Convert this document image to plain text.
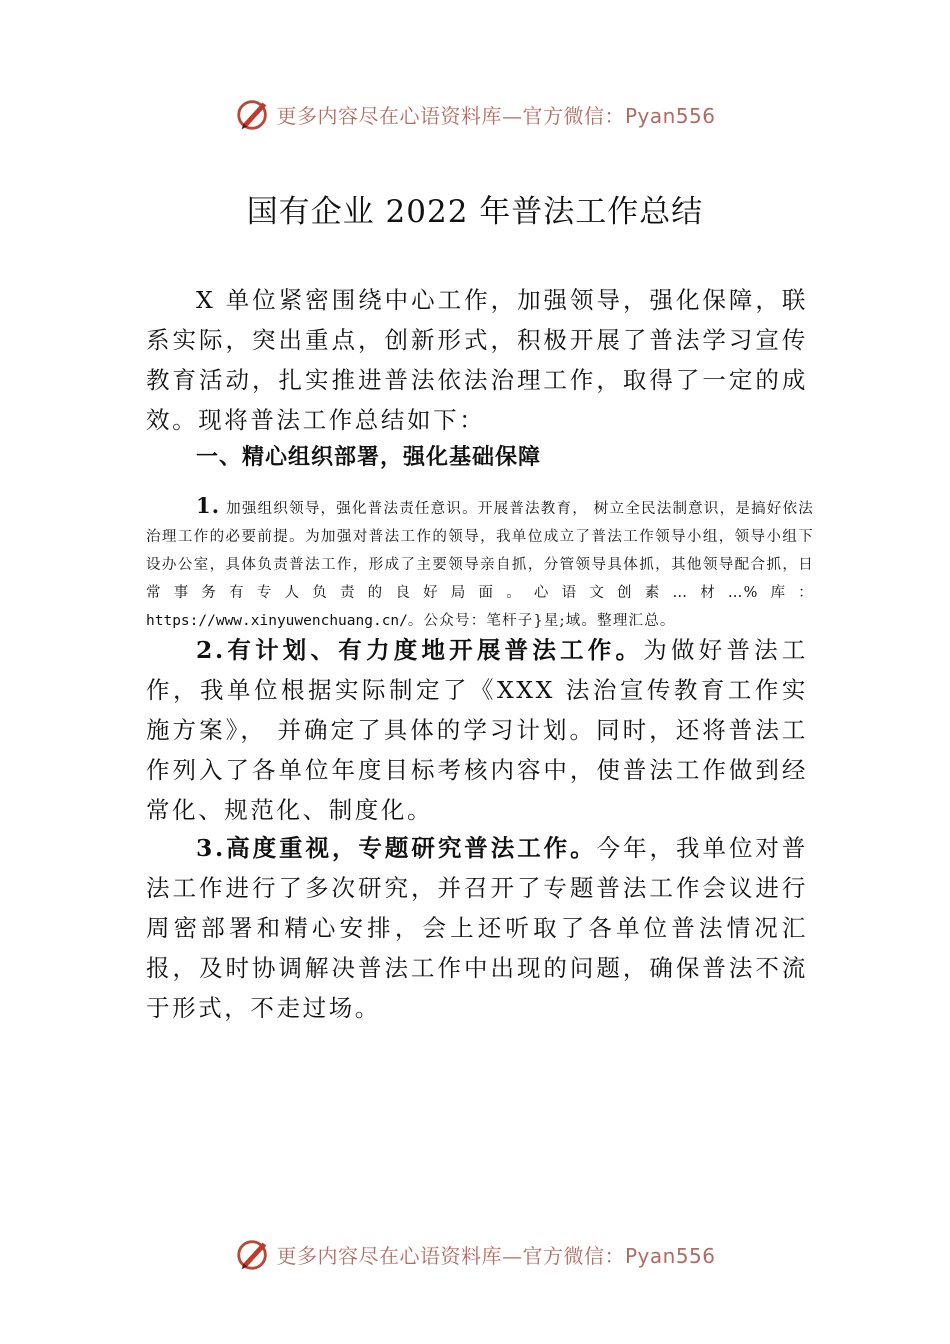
更多内容尽在心语资料库—官方微信：Pyan556
国有企业 2022 年普法工作总结

X 单位紧密围绕中心工作，加强领导，强化保障，联系实际，突出重点，创新形式，积极开展了普法学习宣传教育活动，扎实推进普法依法治理工作，取得了一定的成效。现将普法工作总结如下：

一、精心组织部署，强化基础保障

1. 加强组织领导，强化普法责任意识。开展普法教育， 树立全民法制意识，是搞好依法治理工作的必要前提。为加强对普法工作的领导，我单位成立了普法工作领导小组，领导小组下设办公室，具体负责普法工作，形成了主要领导亲自抓，分管领导具体抓，其他领导配合抓，日常事务有专人负责的良好局面。心语文创素…材…%库：https://www.xinyuwenchuang.cn/。公众号：笔杆子}星;域。整理汇总。

2.有计划、有力度地开展普法工作。为做好普法工作，我单位根据实际制定了《XXX 法治宣传教育工作实施方案》， 并确定了具体的学习计划。同时，还将普法工作列入了各单位年度目标考核内容中，使普法工作做到经常化、规范化、制度化。

3.高度重视，专题研究普法工作。今年，我单位对普法工作进行了多次研究，并召开了专题普法工作会议进行周密部署和精心安排，会上还听取了各单位普法情况汇报，及时协调解决普法工作中出现的问题，确保普法不流于形式，不走过场。

更多内容尽在心语资料库—官方微信：Pyan556
